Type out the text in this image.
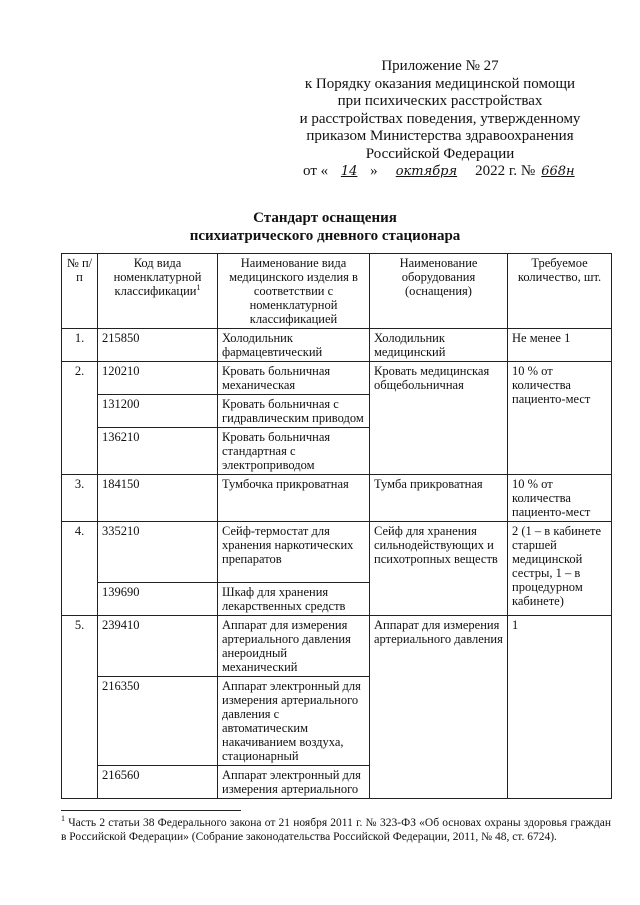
Приложение № 27
к Порядку оказания медицинской помощи
при психических расстройствах
и расстройствах поведения, утвержденному
приказом Министерства здравоохранения
Российской Федерации
от « 14 » октября 2022 г. № 668н
Стандарт оснащения
психиатрического дневного стационара
№ п/п	Код вида номенклатурной классификации$^1$	Наименование вида медицинского изделия в соответствии с номенклатурной классификацией	Наименование оборудования (оснащения)	Требуемое количество, шт.
1.	215850	Холодильник фармацевтический	Холодильник медицинский	Не менее 1
2.	120210	Кровать больничная механическая	Кровать медицинская общебольничная	10 % от количества пациенто-мест
	131200	Кровать больничная с гидравлическим приводом		
	136210	Кровать больничная стандартная с электроприводом		
3.	184150	Тумбочка прикроватная	Тумба прикроватная	10 % от количества пациенто-мест
4.	335210	Сейф-термостат для хранения наркотических препаратов	Сейф для хранения сильнодействующих и психотропных веществ	2 (1 – в кабинете старшей медицинской сестры, 1 – в процедурном кабинете)
	139690	Шкаф для хранения лекарственных средств		
5.	239410	Аппарат для измерения артериального давления анероидный механический	Аппарат для измерения артериального давления	1
	216350	Аппарат электронный для измерения артериального давления с автоматическим накачиванием воздуха, стационарный		
	216560	Аппарат электронный для измерения артериального		
$^1$ Часть 2 статьи 38 Федерального закона от 21 ноября 2011 г. № 323-ФЗ «Об основах охраны здоровья граждан в Российской Федерации» (Собрание законодательства Российской Федерации, 2011, № 48, ст. 6724).
